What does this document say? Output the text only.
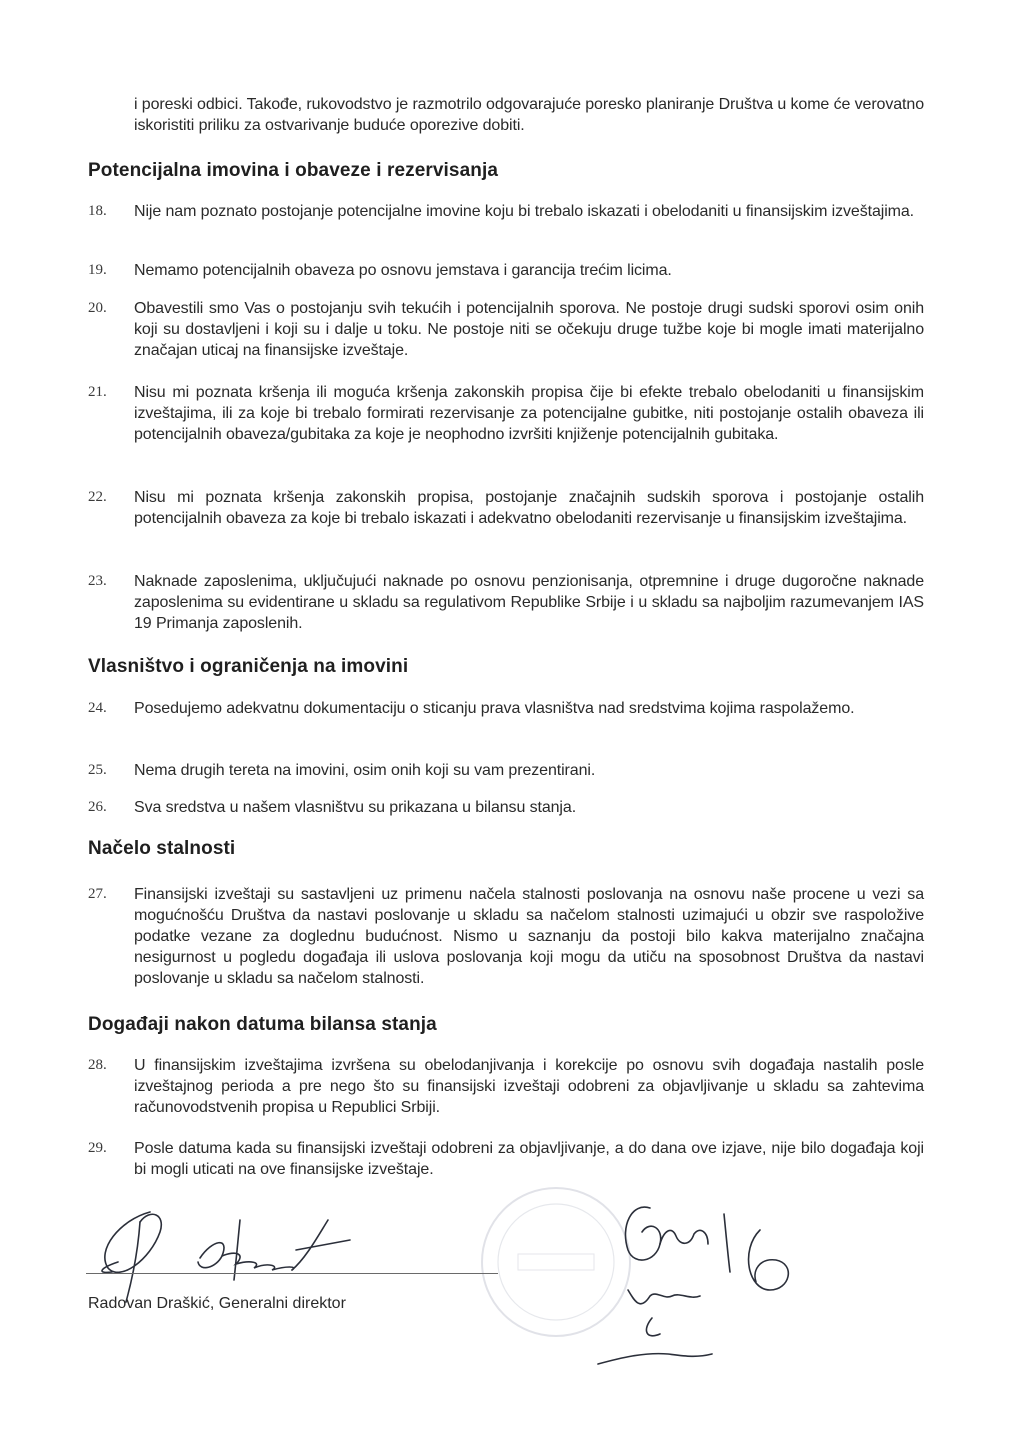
i poreski odbici. Takođe, rukovodstvo je razmotrilo odgovarajuće poresko planiranje Društva u kome će verovatno iskoristiti priliku za ostvarivanje buduće oporezive dobiti.
Potencijalna imovina i obaveze i rezervisanja
18.	Nije nam poznato postojanje potencijalne imovine koju bi trebalo iskazati i obelodaniti u finansijskim izveštajima.
19.	Nemamo potencijalnih obaveza po osnovu jemstava i garancija trećim licima.
20.	Obavestili smo Vas o postojanju svih tekućih i potencijalnih sporova. Ne postoje drugi sudski sporovi osim onih koji su dostavljeni i koji su i dalje u toku. Ne postoje niti se očekuju druge tužbe koje bi mogle imati materijalno značajan uticaj na finansijske izveštaje.
21.	Nisu mi poznata kršenja ili moguća kršenja zakonskih propisa čije bi efekte trebalo obelodaniti u finansijskim izveštajima, ili za koje bi trebalo formirati rezervisanje za potencijalne gubitke, niti postojanje ostalih obaveza ili potencijalnih obaveza/gubitaka za koje je neophodno izvršiti knjiženje potencijalnih gubitaka.
22.	Nisu mi poznata kršenja zakonskih propisa, postojanje značajnih sudskih sporova i postojanje ostalih potencijalnih obaveza za koje bi trebalo iskazati i adekvatno obelodaniti rezervisanje u finansijskim izveštajima.
23.	Naknade zaposlenima, uključujući naknade po osnovu penzionisanja, otpremnine i druge dugoročne naknade zaposlenima su evidentirane u skladu sa regulativom Republike Srbije i u skladu sa najboljim razumevanjem IAS 19 Primanja zaposlenih.
Vlasništvo i ograničenja na imovini
24.	Posedujemo adekvatnu dokumentaciju o sticanju prava vlasništva nad sredstvima kojima raspolažemo.
25.	Nema drugih tereta na imovini, osim onih koji su vam prezentirani.
26.	Sva sredstva u našem vlasništvu su prikazana u bilansu stanja.
Načelo stalnosti
27.	Finansijski izveštaji su sastavljeni uz primenu načela stalnosti poslovanja na osnovu naše procene u vezi sa mogućnošću Društva da nastavi poslovanje u skladu sa načelom stalnosti uzimajući u obzir sve raspoložive podatke vezane za doglednu budućnost. Nismo u saznanju da postoji bilo kakva materijalno značajna nesigurnost u pogledu događaja ili uslova poslovanja koji mogu da utiču na sposobnost Društva da nastavi poslovanje u skladu sa načelom stalnosti.
Događaji nakon datuma bilansa stanja
28.	U finansijskim izveštajima izvršena su obelodanjivanja i korekcije po osnovu svih događaja nastalih posle izveštajnog perioda a pre nego što su finansijski izveštaji odobreni za objavljivanje u skladu sa zahtevima računovodstvenih propisa u Republici Srbiji.
29.	Posle datuma kada su finansijski izveštaji odobreni za objavljivanje, a do dana ove izjave, nije bilo događaja koji bi mogli uticati na ove finansijske izveštaje.
Radovan Draškić, Generalni direktor
